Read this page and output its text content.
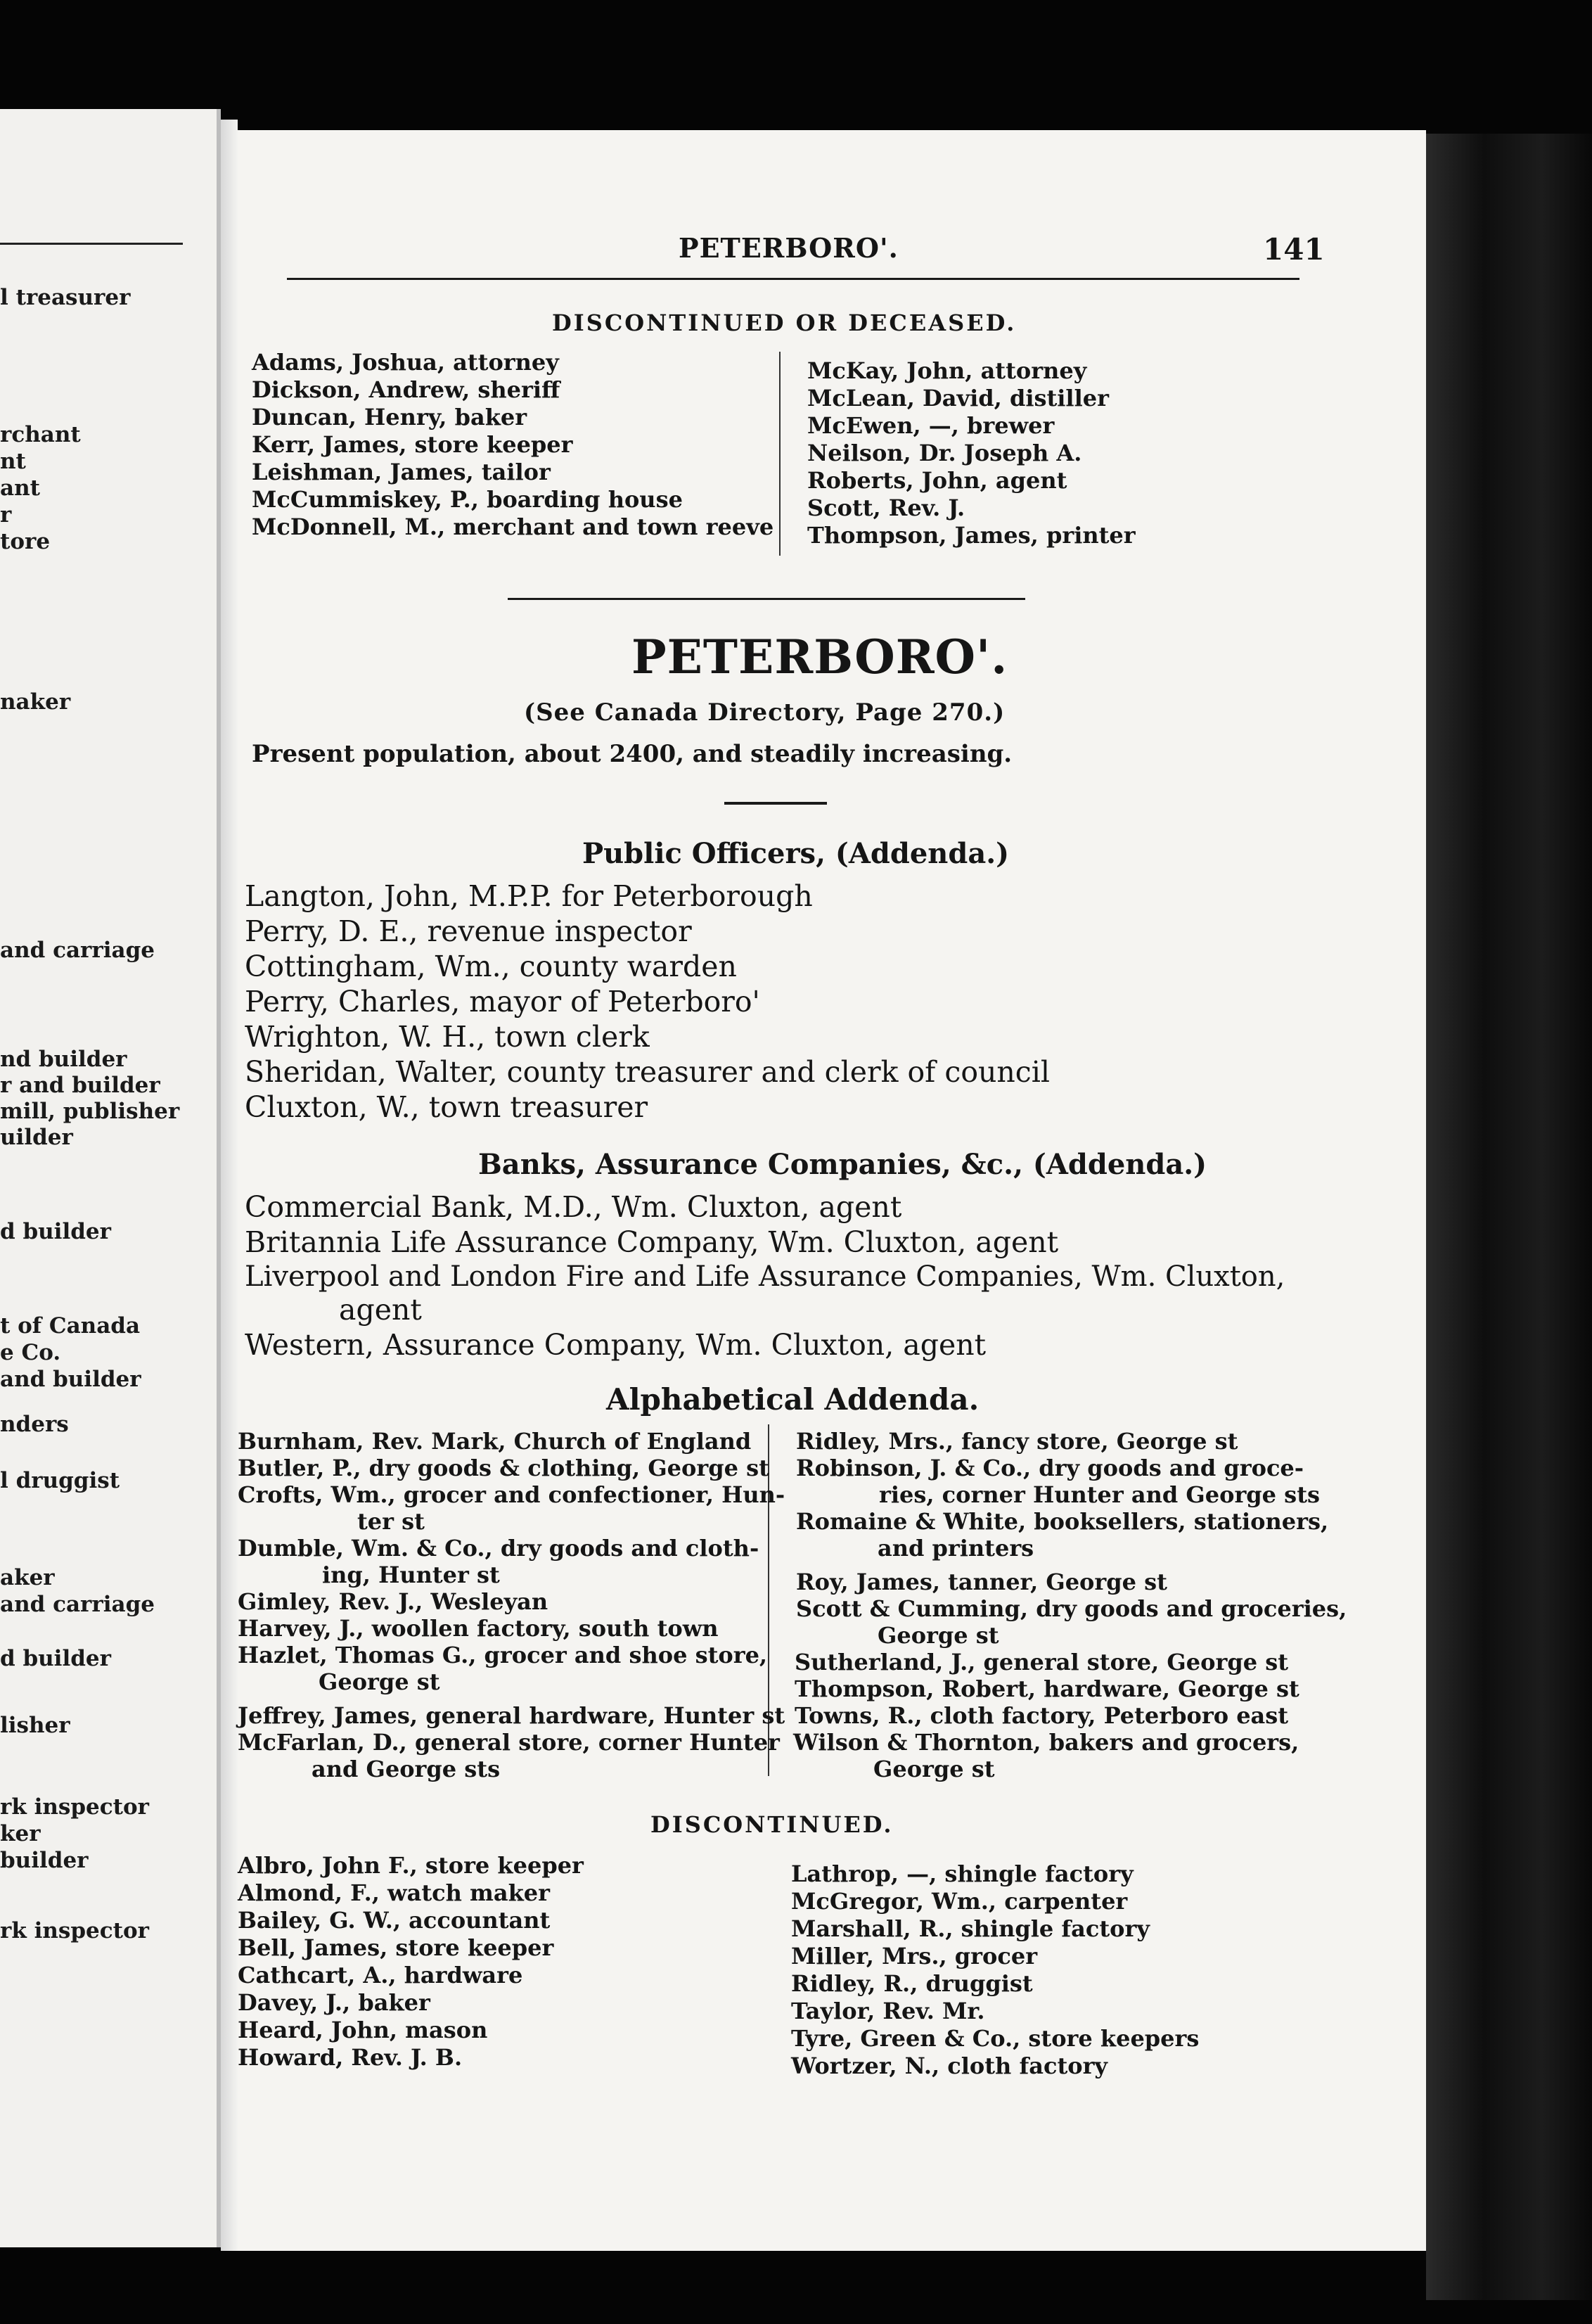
l treasurer
rchant
nt
ant
r
tore
naker
and carriage
nd builder
r and builder
mill, publisher
uilder
d builder
t of Canada
e Co.
and builder
nders
l druggist
aker
and carriage
d builder
lisher
rk inspector
ker
builder
rk inspector
PETERBORO'.	141
DISCONTINUED OR DECEASED.
Adams, Joshua, attorney
Dickson, Andrew, sheriff
Duncan, Henry, baker
Kerr, James, store keeper
Leishman, James, tailor
McCummiskey, P., boarding house
McDonnell, M., merchant and town reeve
McKay, John, attorney
McLean, David, distiller
McEwen, —, brewer
Neilson, Dr. Joseph A.
Roberts, John, agent
Scott, Rev. J.
Thompson, James, printer
PETERBORO'.
(See Canada Directory, Page 270.)
Present population, about 2400, and steadily increasing.
Public Officers, (Addenda.)
Langton, John, M.P.P. for Peterborough
Perry, D. E., revenue inspector
Cottingham, Wm., county warden
Perry, Charles, mayor of Peterboro'
Wrighton, W. H., town clerk
Sheridan, Walter, county treasurer and clerk of council
Cluxton, W., town treasurer
Banks, Assurance Companies, &c., (Addenda.)
Commercial Bank, M.D., Wm. Cluxton, agent
Britannia Life Assurance Company, Wm. Cluxton, agent
Liverpool and London Fire and Life Assurance Companies, Wm. Cluxton,
agent
Western, Assurance Company, Wm. Cluxton, agent
Alphabetical Addenda.
Burnham, Rev. Mark, Church of England
Butler, P., dry goods & clothing, George st
Crofts, Wm., grocer and confectioner, Hun-
ter st
Dumble, Wm. & Co., dry goods and cloth-
ing, Hunter st
Gimley, Rev. J., Wesleyan
Harvey, J., woollen factory, south town
Hazlet, Thomas G., grocer and shoe store,
George st
Jeffrey, James, general hardware, Hunter st
McFarlan, D., general store, corner Hunter
and George sts
Ridley, Mrs., fancy store, George st
Robinson, J. & Co., dry goods and groce-
ries, corner Hunter and George sts
Romaine & White, booksellers, stationers,
and printers
Roy, James, tanner, George st
Scott & Cumming, dry goods and groceries,
George st
Sutherland, J., general store, George st
Thompson, Robert, hardware, George st
Towns, R., cloth factory, Peterboro east
Wilson & Thornton, bakers and grocers,
George st
DISCONTINUED.
Albro, John F., store keeper
Almond, F., watch maker
Bailey, G. W., accountant
Bell, James, store keeper
Cathcart, A., hardware
Davey, J., baker
Heard, John, mason
Howard, Rev. J. B.
Lathrop, —, shingle factory
McGregor, Wm., carpenter
Marshall, R., shingle factory
Miller, Mrs., grocer
Ridley, R., druggist
Taylor, Rev. Mr.
Tyre, Green & Co., store keepers
Wortzer, N., cloth factory
